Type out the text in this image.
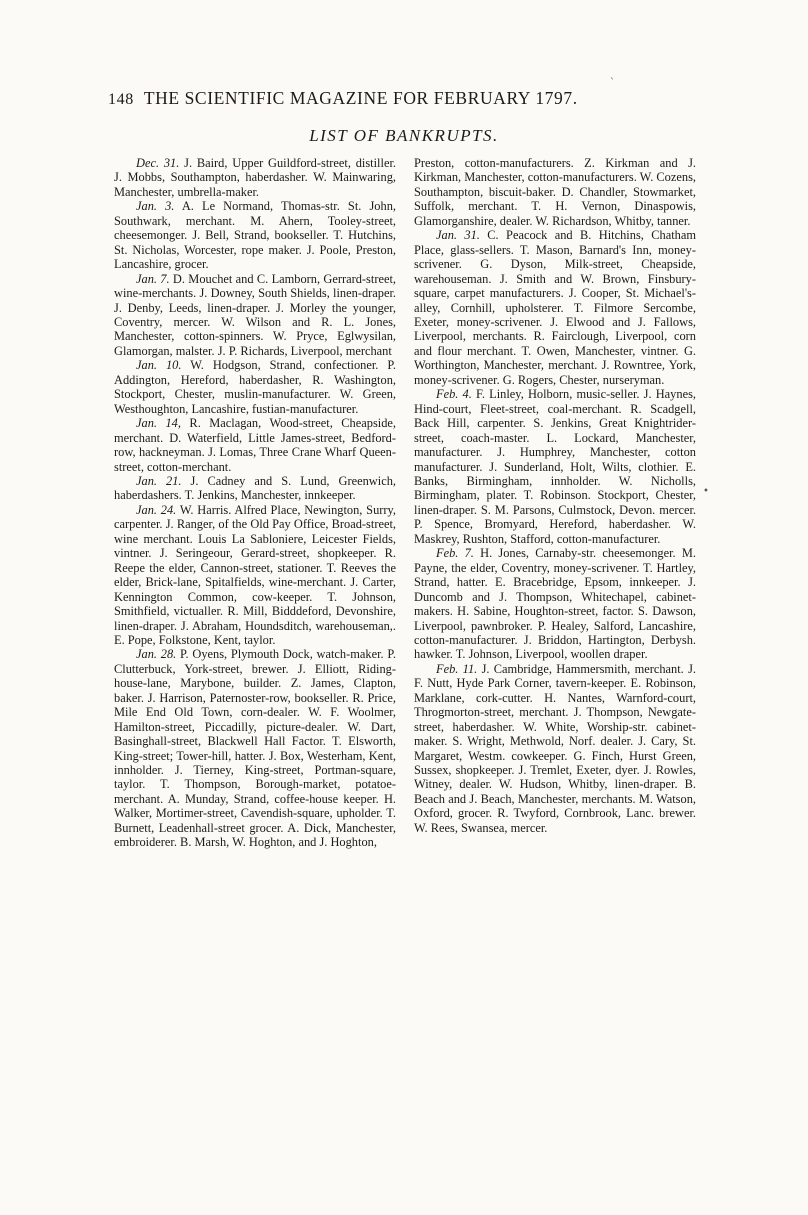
148 THE SCIENTIFIC MAGAZINE FOR FEBRUARY 1797.
LIST OF BANKRUPTS.

Dec. 31. J. Baird, Upper Guildford-street, distiller. J. Mobbs, Southampton, haberdasher. W. Mainwaring, Manchester, umbrella-maker.

Jan. 3. A. Le Normand, Thomas-str. St. John, Southwark, merchant. M. Ahern, Tooley-street, cheesemonger. J. Bell, Strand, bookseller. T. Hutchins, St. Nicholas, Worcester, rope maker. J. Poole, Preston, Lancashire, grocer.

Jan. 7. D. Mouchet and C. Lamborn, Gerrard-street, wine-merchants. J. Downey, South Shields, linen-draper. J. Denby, Leeds, linen-draper. J. Morley the younger, Coventry, mercer. W. Wilson and R. L. Jones, Manchester, cotton-spinners. W. Pryce, Eglwysilan, Glamorgan, malster. J. P. Richards, Liverpool, merchant

Jan. 10. W. Hodgson, Strand, confectioner. P. Addington, Hereford, haberdasher, R. Washington, Stockport, Chester, muslin-manufacturer. W. Green, Westhoughton, Lancashire, fustian-manufacturer.

Jan. 14, R. Maclagan, Wood-street, Cheapside, merchant. D. Waterfield, Little James-street, Bedford-row, hackneyman. J. Lomas, Three Crane Wharf Queen-street, cotton-merchant.

Jan. 21. J. Cadney and S. Lund, Greenwich, haberdashers. T. Jenkins, Manchester, innkeeper.

Jan. 24. W. Harris. Alfred Place, Newington, Surry, carpenter. J. Ranger, of the Old Pay Office, Broad-street, wine merchant. Louis La Sabloniere, Leicester Fields, vintner. J. Seringeour, Gerard-street, shopkeeper. R. Reepe the elder, Cannon-street, stationer. T. Reeves the elder, Brick-lane, Spitalfields, wine-merchant. J. Carter, Kennington Common, cow-keeper. T. Johnson, Smithfield, victualler. R. Mill, Bidddeford, Devonshire, linen-draper. J. Abraham, Houndsditch, warehouseman,. E. Pope, Folkstone, Kent, taylor.

Jan. 28. P. Oyens, Plymouth Dock, watch-maker. P. Clutterbuck, York-street, brewer. J. Elliott, Riding-house-lane, Marybone, builder. Z. James, Clapton, baker. J. Harrison, Paternoster-row, bookseller. R. Price, Mile End Old Town, corn-dealer. W. F. Woolmer, Hamilton-street, Piccadilly, picture-dealer. W. Dart, Basinghall-street, Blackwell Hall Factor. T. Elsworth, King-street; Tower-hill, hatter. J. Box, Westerham, Kent, innholder. J. Tierney, King-street, Portman-square, taylor. T. Thompson, Borough-market, potatoe-merchant. A. Munday, Strand, coffee-house keeper. H. Walker, Mortimer-street, Cavendish-square, upholder. T. Burnett, Leadenhall-street grocer. A. Dick, Manchester, embroiderer. B. Marsh, W. Hoghton, and J. Hoghton,

Preston, cotton-manufacturers. Z. Kirkman and J. Kirkman, Manchester, cotton-manufacturers. W. Cozens, Southampton, biscuit-baker. D. Chandler, Stowmarket, Suffolk, merchant. T. H. Vernon, Dinaspowis, Glamorganshire, dealer. W. Richardson, Whitby, tanner.

Jan. 31. C. Peacock and B. Hitchins, Chatham Place, glass-sellers. T. Mason, Barnard's Inn, money-scrivener. G. Dyson, Milk-street, Cheapside, warehouseman. J. Smith and W. Brown, Finsbury-square, carpet manufacturers. J. Cooper, St. Michael's-alley, Cornhill, upholsterer. T. Filmore Sercombe, Exeter, money-scrivener. J. Elwood and J. Fallows, Liverpool, merchants. R. Fairclough, Liverpool, corn and flour merchant. T. Owen, Manchester, vintner. G. Worthington, Manchester, merchant. J. Rowntree, York, money-scrivener. G. Rogers, Chester, nurseryman.

Feb. 4. F. Linley, Holborn, music-seller. J. Haynes, Hind-court, Fleet-street, coal-merchant. R. Scadgell, Back Hill, carpenter. S. Jenkins, Great Knightrider-street, coach-master. L. Lockard, Manchester, manufacturer. J. Humphrey, Manchester, cotton manufacturer. J. Sunderland, Holt, Wilts, clothier. E. Banks, Birmingham, innholder. W. Nicholls, Birmingham, plater. T. Robinson. Stockport, Chester, linen-draper. S. M. Parsons, Culmstock, Devon. mercer. P. Spence, Bromyard, Hereford, haberdasher. W. Maskrey, Rushton, Stafford, cotton-manufacturer.

Feb. 7. H. Jones, Carnaby-str. cheesemonger. M. Payne, the elder, Coventry, money-scrivener. T. Hartley, Strand, hatter. E. Bracebridge, Epsom, innkeeper. J. Duncomb and J. Thompson, Whitechapel, cabinet-makers. H. Sabine, Houghton-street, factor. S. Dawson, Liverpool, pawnbroker. P. Healey, Salford, Lancashire, cotton-manufacturer. J. Briddon, Hartington, Derbysh. hawker. T. Johnson, Liverpool, woollen draper.

Feb. 11. J. Cambridge, Hammersmith, merchant. J. F. Nutt, Hyde Park Corner, tavern-keeper. E. Robinson, Marklane, cork-cutter. H. Nantes, Warnford-court, Throgmorton-street, merchant. J. Thompson, Newgate-street, haberdasher. W. White, Worship-str. cabinet-maker. S. Wright, Methwold, Norf. dealer. J. Cary, St. Margaret, Westm. cowkeeper. G. Finch, Hurst Green, Sussex, shopkeeper. J. Tremlet, Exeter, dyer. J. Rowles, Witney, dealer. W. Hudson, Whitby, linen-draper. B. Beach and J. Beach, Manchester, merchants. M. Watson, Oxford, grocer. R. Twyford, Cornbrook, Lanc. brewer. W. Rees, Swansea, mercer.

`
•
